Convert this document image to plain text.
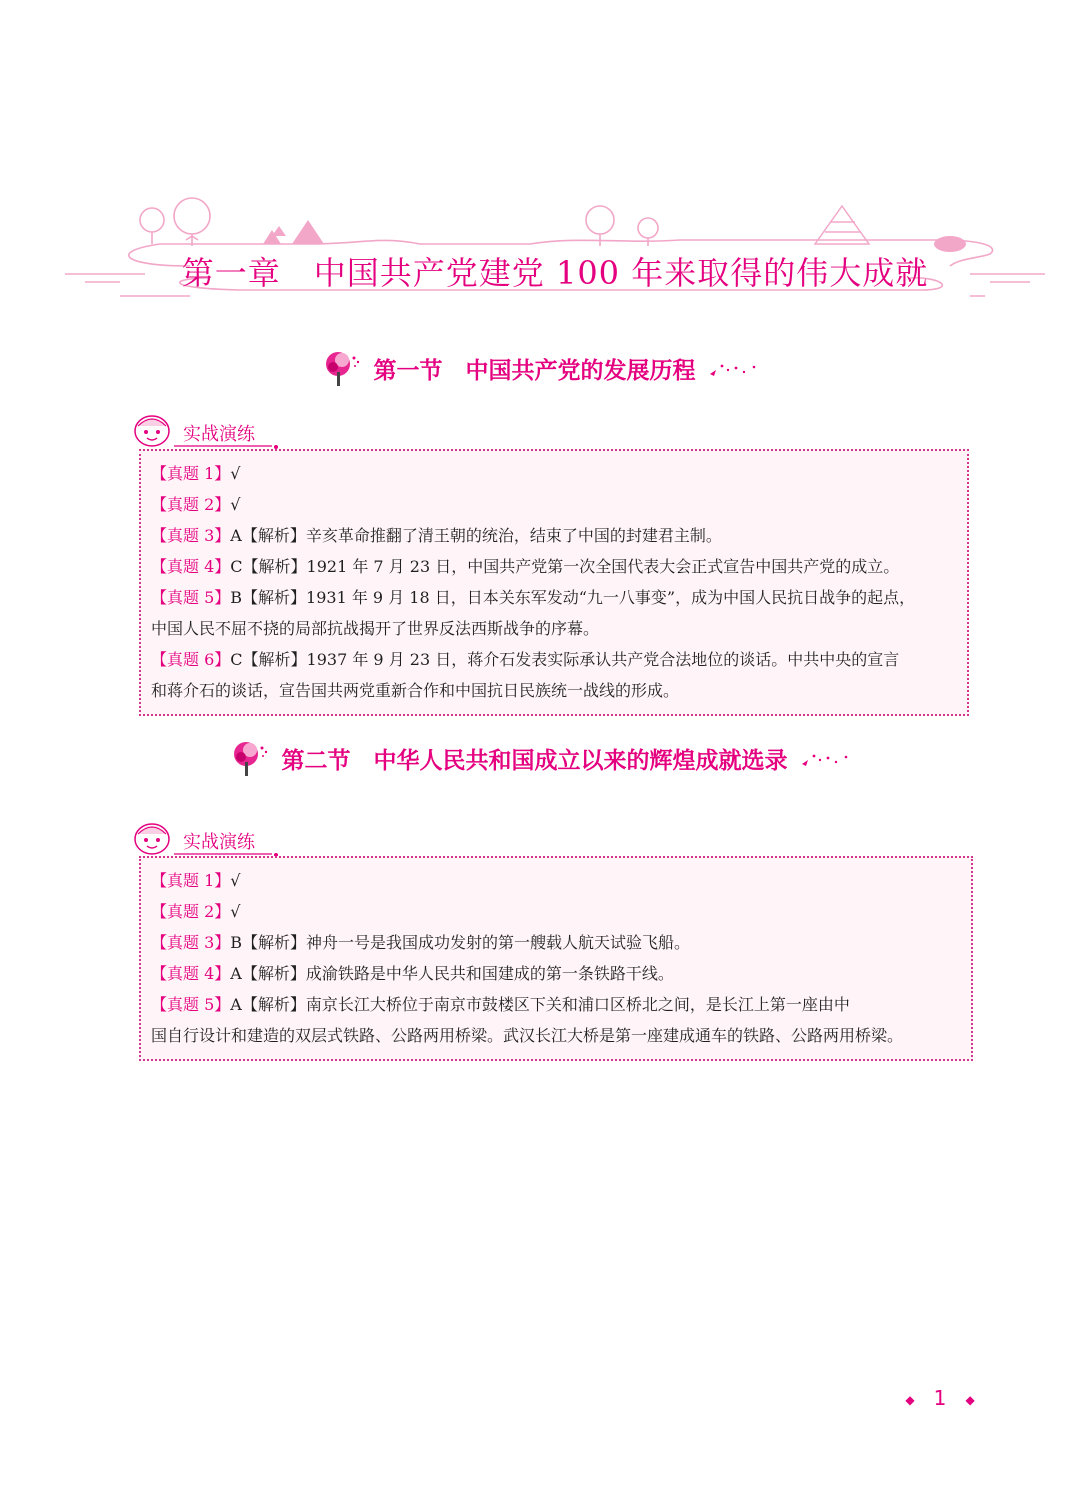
第一章　中国共产党建党 100 年来取得的伟大成就
第一节　中国共产党的发展历程
实战演练
【真题 1】√
【真题 2】√
【真题 3】A【解析】辛亥革命推翻了清王朝的统治，结束了中国的封建君主制。
【真题 4】C【解析】1921 年 7 月 23 日，中国共产党第一次全国代表大会正式宣告中国共产党的成立。
【真题 5】B【解析】1931 年 9 月 18 日，日本关东军发动“九一八事变”，成为中国人民抗日战争的起点，
中国人民不屈不挠的局部抗战揭开了世界反法西斯战争的序幕。
【真题 6】C【解析】1937 年 9 月 23 日，蒋介石发表实际承认共产党合法地位的谈话。中共中央的宣言
和蒋介石的谈话，宣告国共两党重新合作和中国抗日民族统一战线的形成。
第二节　中华人民共和国成立以来的辉煌成就选录
实战演练
【真题 1】√
【真题 2】√
【真题 3】B【解析】神舟一号是我国成功发射的第一艘载人航天试验飞船。
【真题 4】A【解析】成渝铁路是中华人民共和国建成的第一条铁路干线。
【真题 5】A【解析】南京长江大桥位于南京市鼓楼区下关和浦口区桥北之间，是长江上第一座由中
国自行设计和建造的双层式铁路、公路两用桥梁。武汉长江大桥是第一座建成通车的铁路、公路两用桥梁。
◆ 1 ◆
